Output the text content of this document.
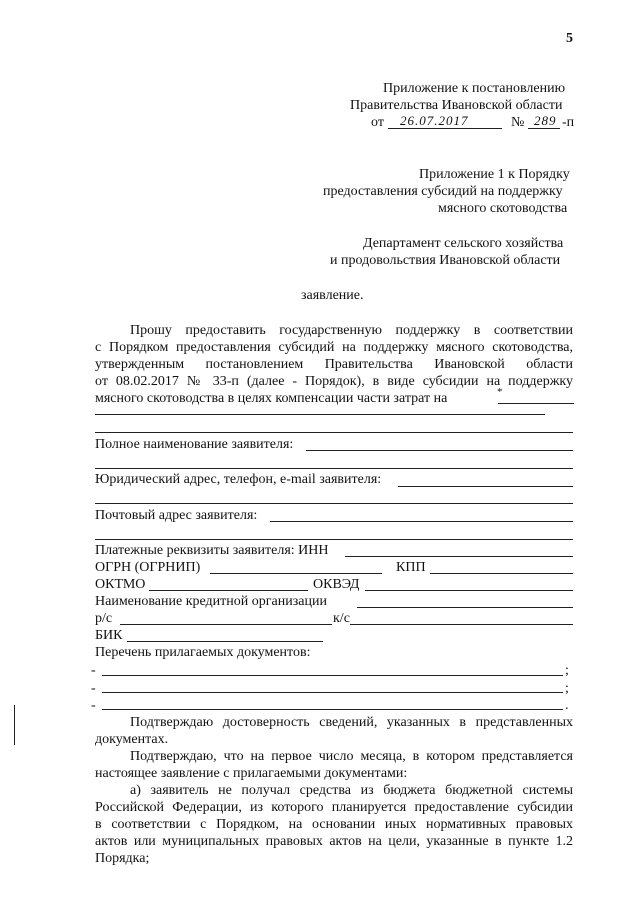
5
Приложение к постановлению
Правительства Ивановской области
от 26.07.2017	№ 289 -п
Приложение 1 к Порядку
предоставления субсидий на поддержку
мясного скотоводства
Департамент сельского хозяйства
и продовольствия Ивановской области
заявление.
Прошу предоставить государственную поддержку в соответствии
с Порядком предоставления субсидий на поддержку мясного скотоводства,
утвержденным постановлением Правительства Ивановской области
от 08.02.2017 № 33-п (далее - Порядок), в виде субсидии на поддержку
мясного скотоводства в целях компенсации части затрат на	*
Полное наименование заявителя:
Юридический адрес, телефон, e-mail заявителя:
Почтовый адрес заявителя:
Платежные реквизиты заявителя: ИНН
ОГРН (ОГРНИП)	КПП
ОКТМО	ОКВЭД
Наименование кредитной организации
р/с	к/с
БИК
Перечень прилагаемых документов:
-	;
-	;
-	.
Подтверждаю достоверность сведений, указанных в представленных
документах.
Подтверждаю, что на первое число месяца, в котором представляется
настоящее заявление с прилагаемыми документами:
а) заявитель не получал средства из бюджета бюджетной системы
Российской Федерации, из которого планируется предоставление субсидии
в соответствии с Порядком, на основании иных нормативных правовых
актов или муниципальных правовых актов на цели, указанные в пункте 1.2
Порядка;
